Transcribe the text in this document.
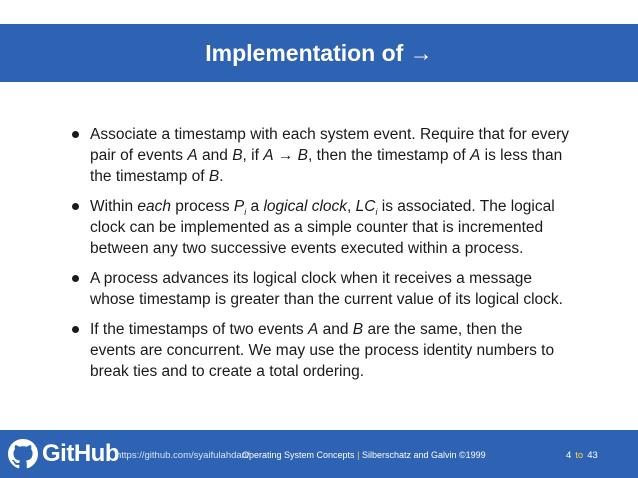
Implementation of →
Associate a timestamp with each system event. Require that for every pair of events A and B, if A → B, then the timestamp of A is less than the timestamp of B.
Within each process $P_i$ a logical clock, $LC_i$ is associated. The logical clock can be implemented as a simple counter that is incremented between any two successive events executed within a process.
A process advances its logical clock when it receives a message whose timestamp is greater than the current value of its logical clock.
If the timestamps of two events A and B are the same, then the events are concurrent. We may use the process identity numbers to break ties and to create a total ordering.
GitHub
https://github.com/syaifulahdan/
Operating System Concepts | Silberschatz and Galvin ©1999	4 to 43
